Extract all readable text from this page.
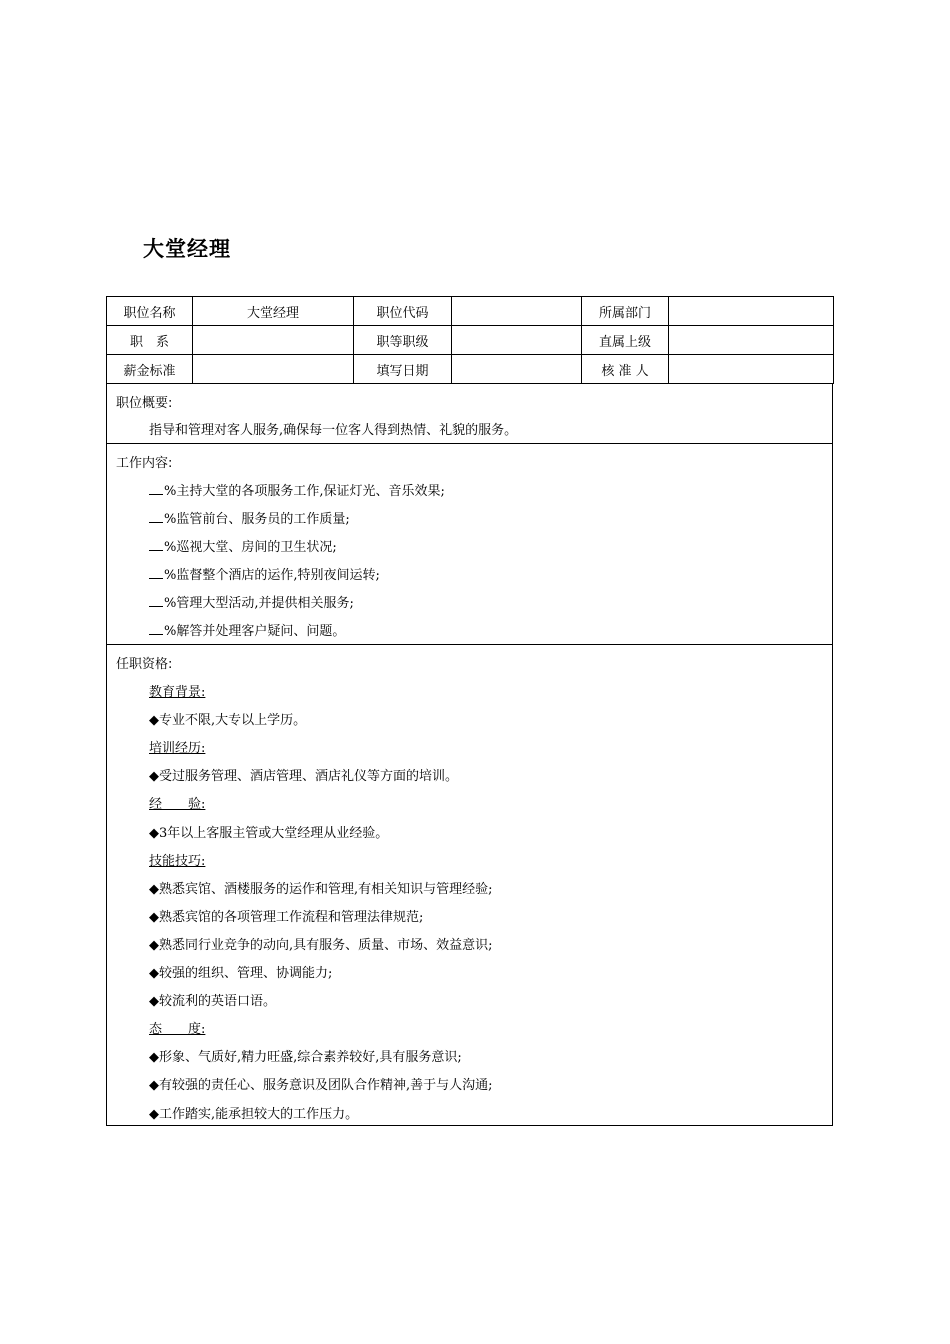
大堂经理
职位名称	大堂经理	职位代码		所属部门	
职　系		职等职级		直属上级	
薪金标准		填写日期		核 准 人	
职位概要:
指导和管理对客人服务,确保每一位客人得到热情、礼貌的服务。
工作内容:
%主持大堂的各项服务工作,保证灯光、音乐效果;
%监管前台、服务员的工作质量;
%巡视大堂、房间的卫生状况;
%监督整个酒店的运作,特别夜间运转;
%管理大型活动,并提供相关服务;
%解答并处理客户疑问、问题。
任职资格:
教育背景:
◆专业不限,大专以上学历。
培训经历:
◆受过服务管理、酒店管理、酒店礼仪等方面的培训。
经　　验:
◆3年以上客服主管或大堂经理从业经验。
技能技巧:
◆熟悉宾馆、酒楼服务的运作和管理,有相关知识与管理经验;
◆熟悉宾馆的各项管理工作流程和管理法律规范;
◆熟悉同行业竞争的动向,具有服务、质量、市场、效益意识;
◆较强的组织、管理、协调能力;
◆较流利的英语口语。
态　　度:
◆形象、气质好,精力旺盛,综合素养较好,具有服务意识;
◆有较强的责任心、服务意识及团队合作精神,善于与人沟通;
◆工作踏实,能承担较大的工作压力。
